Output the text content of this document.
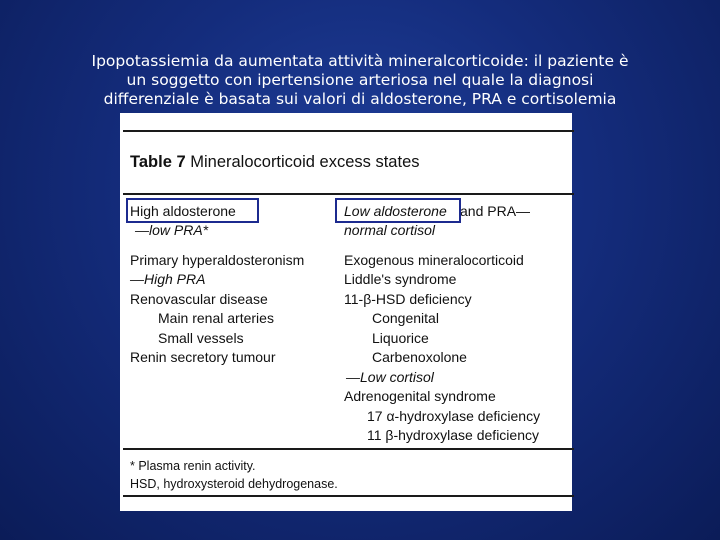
Ipopotassiemia da aumentata attività mineralcorticoide: il paziente è
un soggetto con ipertensione arteriosa nel quale la diagnosi
differenziale è basata sui valori di aldosterone, PRA e cortisolemia
Table 7 Mineralocorticoid excess states
High aldosterone
—low PRA*
Low aldosterone and PRA—
normal cortisol
Primary hyperaldosteronism
—High PRA
Renovascular disease
Main renal arteries
Small vessels
Renin secretory tumour
Exogenous mineralocorticoid
Liddle's syndrome
11-β-HSD deficiency
Congenital
Liquorice
Carbenoxolone
—Low cortisol
Adrenogenital syndrome
17 α-hydroxylase deficiency
11 β-hydroxylase deficiency
* Plasma renin activity.
HSD, hydroxysteroid dehydrogenase.
